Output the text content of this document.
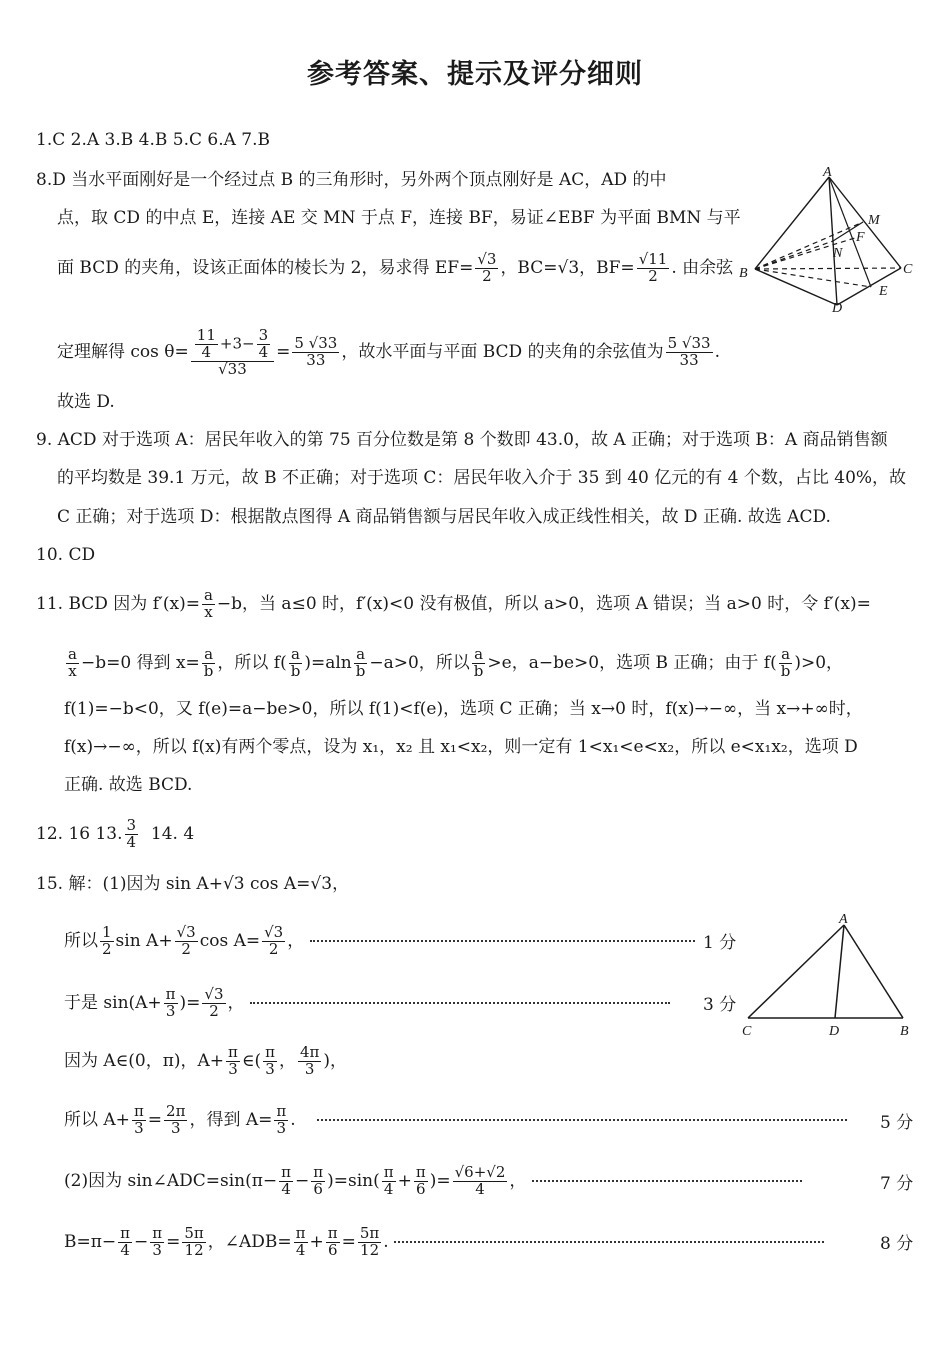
参考答案、提示及评分细则
1.C 2.A 3.B 4.B 5.C 6.A 7.B
8.D 当水平面刚好是一个经过点 B 的三角形时，另外两个顶点刚好是 AC，AD 的中
点，取 CD 的中点 E，连接 AE 交 MN 于点 F，连接 BF，易证∠EBF 为平面 BMN 与平
面 BCD 的夹角，设该正面体的棱长为 2，易求得 $EF= \frac{√3}{2}$ ，BC=√3，$BF= \frac{√11}{2}$ . 由余弦
定理解得 $\cos \theta= \frac{\frac{11}{4} +3- \frac{3}{4}}{√33} = \frac{5 √33}{33}$ ，故水平面与平面 BCD 的夹角的余弦值为 $\frac{5 √33}{33}$ .
故选 D.
A
M
F
N
B	C
E
D
9. ACD 对于选项 A：居民年收入的第 75 百分位数是第 8 个数即 43.0，故 A 正确；对于选项 B：A 商品销售额
的平均数是 39.1 万元，故 B 不正确；对于选项 C：居民年收入介于 35 到 40 亿元的有 4 个数，占比 40%，故
C 正确；对于选项 D：根据散点图得 A 商品销售额与居民年收入成正线性相关，故 D 正确. 故选 ACD.
10. CD
11. BCD 因为 $f'(x)= \frac{a}{x} -b$，当 a≤0 时，f′(x)<0 没有极值，所以 a>0，选项 A 错误；当 a>0 时，令 f′(x)=
$\frac{a}{x} -b=0$ 得到 $x= \frac{a}{b}$ ，所以 $f( \frac{a}{b} )=aln \frac{a}{b} -a>0$，所以 $\frac{a}{b} >e$，a−be>0，选项 B 正确；由于 $f( \frac{a}{b} )>0$，
f(1)=−b<0，又 f(e)=a−be>0，所以 f(1)<f(e)，选项 C 正确；当 x→0 时，f(x)→−∞，当 x→+∞时，
f(x)→−∞，所以 f(x)有两个零点，设为 x₁，x₂ 且 x₁<x₂，则一定有 1<x₁<e<x₂，所以 e<x₁x₂，选项 D
正确. 故选 BCD.
12. 16 13. $\frac{3}{4} 14$. 4
15. 解：(1)因为 sin A+√3 cos A=√3，
所以 $\frac{1}{2}$ $\sin A+ \frac{√3}{2}$ $\cos A= \frac{√3}{2}$ ，	1 分
于是 $\sin(A+ \frac{\pi}{3}$ )= $\frac{√3}{2}$ ，	3 分
A
C	D	B
因为 A∈(0，π)，$A+ \frac{\pi}{3}$ ∈( $\frac{\pi}{3}$ ， $\frac{4\pi}{3}$ )，
所以 $A+ \frac{\pi}{3} = \frac{2\pi}{3}$ ，得到 $A= \frac{\pi}{3}$ .	5 分
(2)因为 sin∠ADC=sin(π− $\frac{\pi}{4} - \frac{\pi}{6} )=\sin( \frac{\pi}{4} + \frac{\pi}{6}$ )= $\frac{√6+√2}{4}$ ，	7 分
$B=\pi- \frac{\pi}{4} - \frac{\pi}{3} = \frac{5\pi}{12}$ ，∠ADB= $\frac{\pi}{4} + \frac{\pi}{6} = \frac{5\pi}{12}$ .	8 分
